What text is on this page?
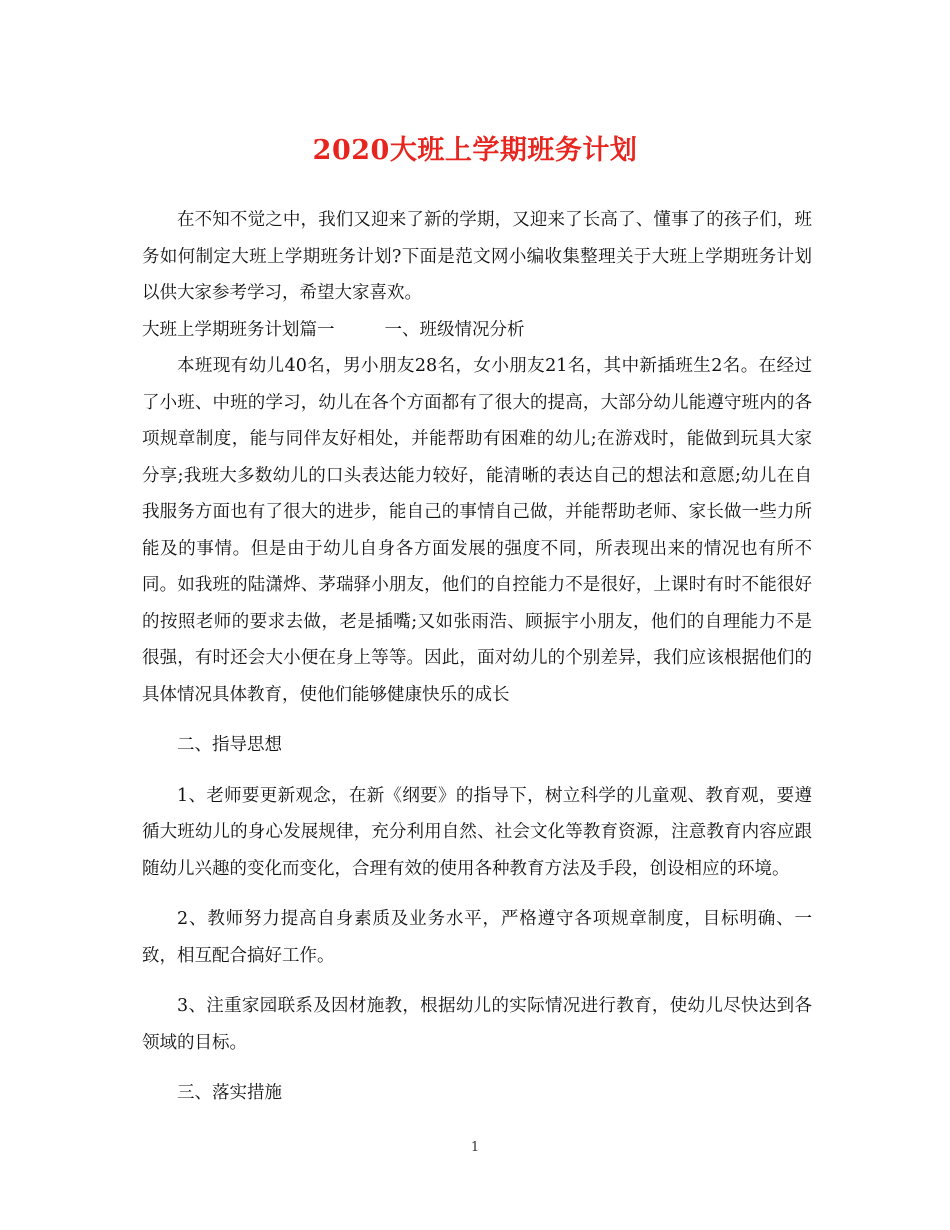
2020大班上学期班务计划

在不知不觉之中，我们又迎来了新的学期，又迎来了长高了、懂事了的孩子们，班务如何制定大班上学期班务计划?下面是范文网小编收集整理关于大班上学期班务计划以供大家参考学习，希望大家喜欢。

大班上学期班务计划篇一	一、班级情况分析

本班现有幼儿40名，男小朋友28名，女小朋友21名，其中新插班生2名。在经过了小班、中班的学习，幼儿在各个方面都有了很大的提高，大部分幼儿能遵守班内的各项规章制度，能与同伴友好相处，并能帮助有困难的幼儿;在游戏时，能做到玩具大家分享;我班大多数幼儿的口头表达能力较好，能清晰的表达自己的想法和意愿;幼儿在自我服务方面也有了很大的进步，能自己的事情自己做，并能帮助老师、家长做一些力所能及的事情。但是由于幼儿自身各方面发展的强度不同，所表现出来的情况也有所不同。如我班的陆潇烨、茅瑞驿小朋友，他们的自控能力不是很好，上课时有时不能很好的按照老师的要求去做，老是插嘴;又如张雨浩、顾振宇小朋友，他们的自理能力不是很强，有时还会大小便在身上等等。因此，面对幼儿的个别差异，我们应该根据他们的具体情况具体教育，使他们能够健康快乐的成长

二、指导思想

1、老师要更新观念，在新《纲要》的指导下，树立科学的儿童观、教育观，要遵循大班幼儿的身心发展规律，充分利用自然、社会文化等教育资源，注意教育内容应跟随幼儿兴趣的变化而变化，合理有效的使用各种教育方法及手段，创设相应的环境。

2、教师努力提高自身素质及业务水平，严格遵守各项规章制度，目标明确、一致，相互配合搞好工作。

3、注重家园联系及因材施教，根据幼儿的实际情况进行教育，使幼儿尽快达到各领域的目标。

三、落实措施

1
